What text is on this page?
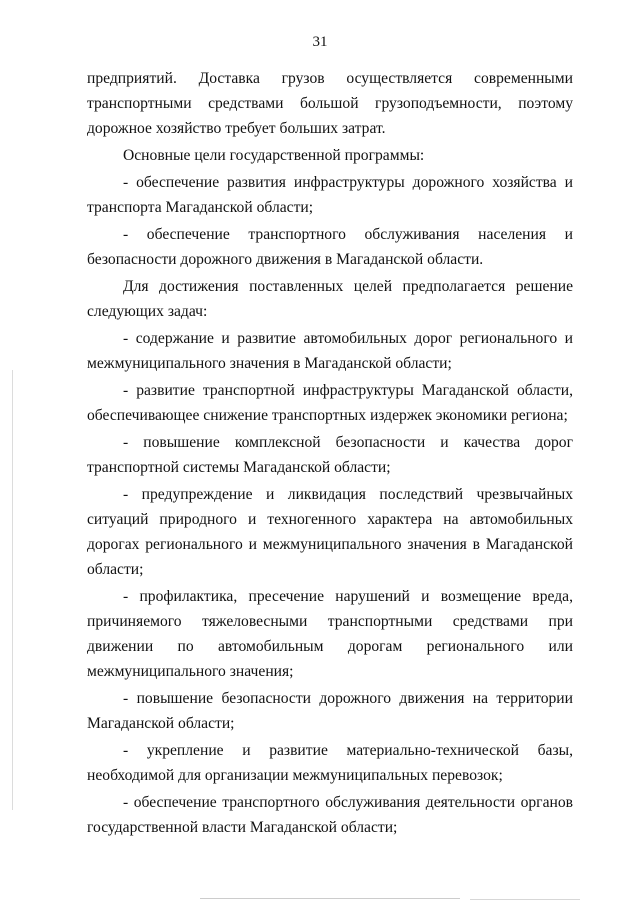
31

предприятий. Доставка грузов осуществляется современными транспортными средствами большой грузоподъемности, поэтому дорожное хозяйство требует больших затрат.

Основные цели государственной программы:

- обеспечение развития инфраструктуры дорожного хозяйства и транспорта Магаданской области;

- обеспечение транспортного обслуживания населения и безопасности дорожного движения в Магаданской области.

Для достижения поставленных целей предполагается решение следующих задач:

- содержание и развитие автомобильных дорог регионального и межмуниципального значения в Магаданской области;

- развитие транспортной инфраструктуры Магаданской области, обеспечивающее снижение транспортных издержек экономики региона;

- повышение комплексной безопасности и качества дорог транспортной системы Магаданской области;

- предупреждение и ликвидация последствий чрезвычайных ситуаций природного и техногенного характера на автомобильных дорогах регионального и межмуниципального значения в Магаданской области;

- профилактика, пресечение нарушений и возмещение вреда, причиняемого тяжеловесными транспортными средствами при движении по автомобильным дорогам регионального или межмуниципального значения;

- повышение безопасности дорожного движения на территории Магаданской области;

- укрепление и развитие материально-технической базы, необходимой для организации межмуниципальных перевозок;

- обеспечение транспортного обслуживания деятельности органов государственной власти Магаданской области;
